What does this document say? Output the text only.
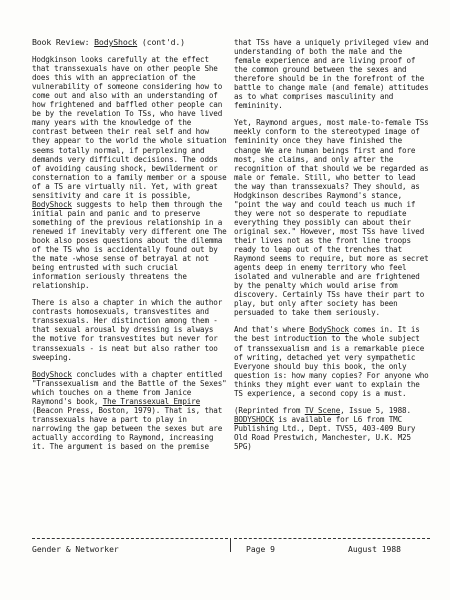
Book Review: BodyShock (cont'd.)

Hodgkinson looks carefully at the effect that transsexuals have on other people She does this with an appreciation of the vulnerability of someone considering how to come out and also with an understanding of how frightened and baffled other people can be by the revelation To TSs, who have lived many years with the knowledge of the contrast between their real self and how they appear to the world the whole situation seems totally normal, if perplexing and demands very difficult decisions. The odds of avoiding causing shock, bewilderment or consternation to a family member or a spouse of a TS are virtually nil. Yet, with great sensitivity and care it is possible, BodyShock suggests to help them through the initial pain and panic and to preserve something of the previous relationship in a renewed if inevitably very different one The book also poses questions about the dilemma of the TS who is accidentally found out by the mate -whose sense of betrayal at not being entrusted with such crucial information seriously threatens the relationship.

There is also a chapter in which the author contrasts homosexuals, transvestites and transsexuals. Her distinction among them - that sexual arousal by dressing is always the motive for transvestites but never for transsexuals - is neat but also rather too sweeping.

BodyShock concludes with a chapter entitled "Transsexualism and the Battle of the Sexes" which touches on a theme from Janice Raymond's book, The Transsexual Empire (Beacon Press, Boston, 1979). That is, that transsexuals have a part to play in narrowing the gap between the sexes but are actually according to Raymond, increasing it. The argument is based on the premise

that TSs have a uniquely privileged view and understanding of both the male and the female experience and are living proof of the common ground between the sexes and therefore should be in the forefront of the battle to change male (and female) attitudes as to what comprises masculinity and femininity.

Yet, Raymond argues, most male-to-female TSs meekly conform to the stereotyped image of femininity once they have finished the change We are human beings first and fore most, she claims, and only after the recognition of that should we be regarded as male or female. Still, who better to lead the way than transsexuals? They should, as Hodgkinson describes Raymond's stance, "point the way and could teach us much if they were not so desperate to repudiate everything they possibly can about their original sex." However, most TSs have lived their lives not as the front line troops ready to leap out of the trenches that Raymond seems to require, but more as secret agents deep in enemy territory who feel isolated and vulnerable and are frightened by the penalty which would arise from discovery. Certainly TSs have their part to play, but only after society has been persuaded to take them seriously.

And that's where BodyShock comes in. It is the best introduction to the whole subject of transsexualism and is a remarkable piece of writing, detached yet very sympathetic Everyone should buy this book, the only question is: how many copies? For anyone who thinks they might ever want to explain the TS experience, a second copy is a must.

(Reprinted from TV Scene, Issue 5, 1988. BODYSHOCK is available for L6 from TMC Publishing Ltd., Dept. TVS5, 403-409 Bury Old Road Prestwich, Manchester, U.K. M25 5PG)

Gender & Networker	Page 9	August 1988
